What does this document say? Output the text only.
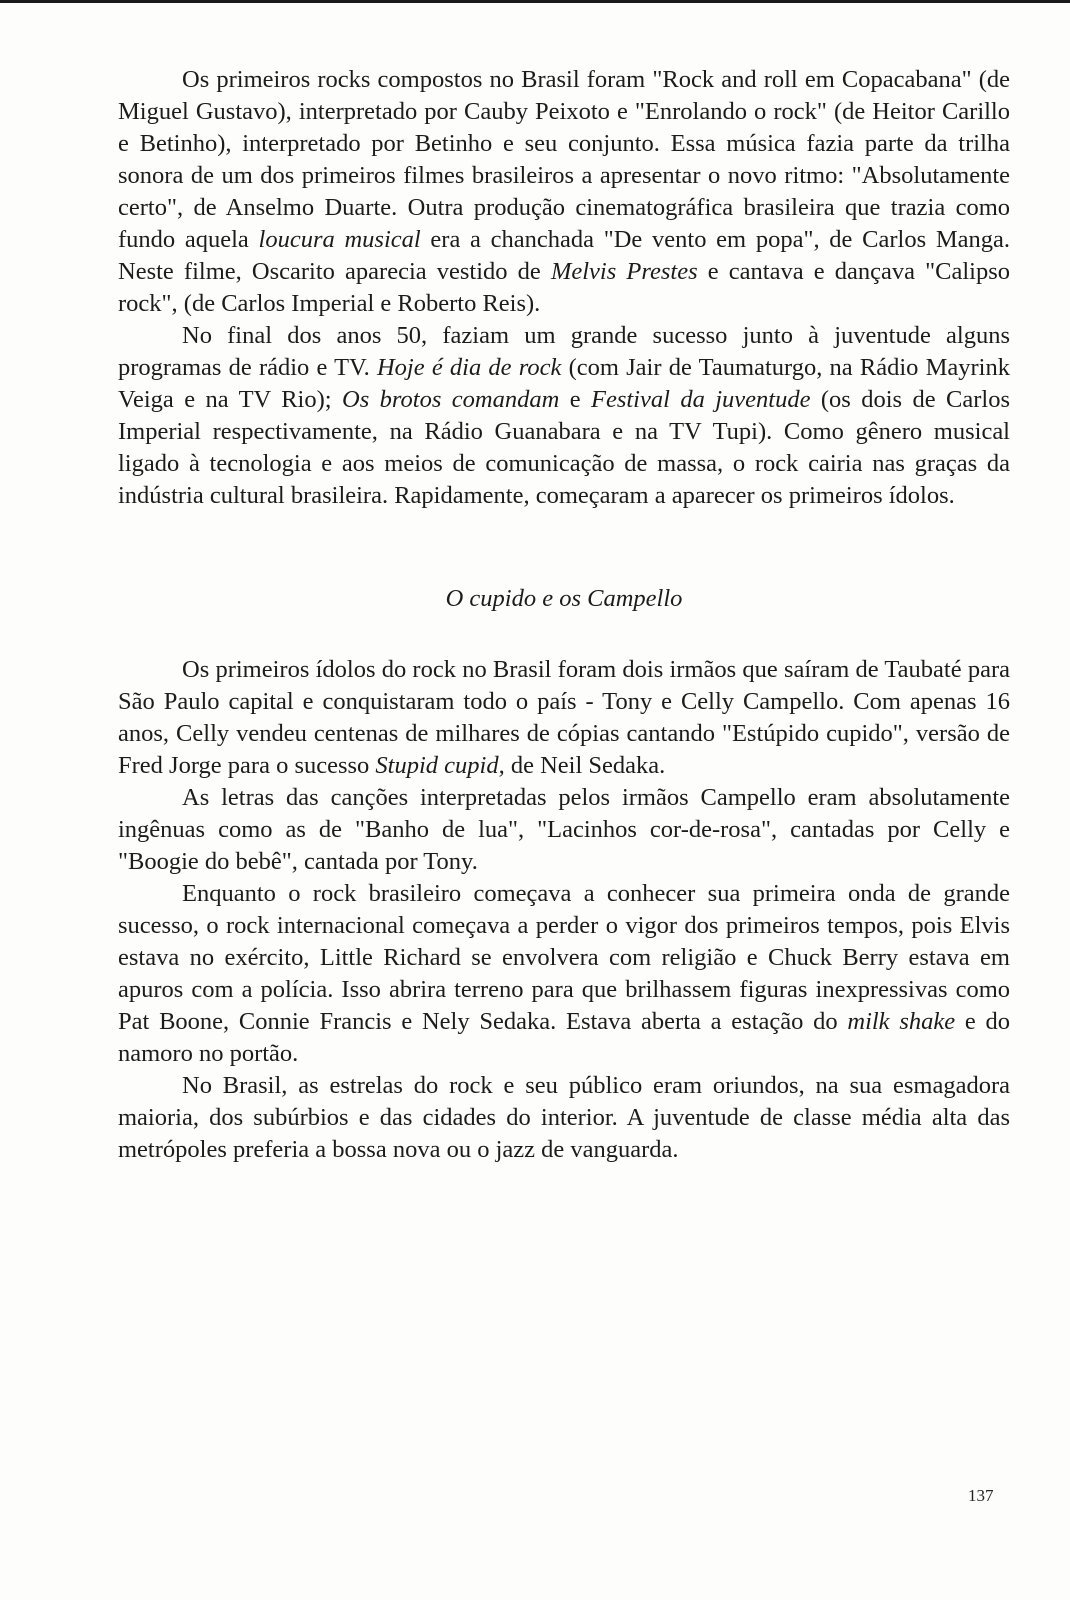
Os primeiros rocks compostos no Brasil foram "Rock and roll em Copacabana" (de Miguel Gustavo), interpretado por Cauby Peixoto e "Enrolando o rock" (de Heitor Carillo e Betinho), interpretado por Betinho e seu conjunto. Essa música fazia parte da trilha sonora de um dos primeiros filmes brasileiros a apresentar o novo ritmo: "Absolutamente certo", de Anselmo Duarte. Outra produção cinematográfica brasileira que trazia como fundo aquela loucura musical era a chanchada "De vento em popa", de Carlos Manga. Neste filme, Oscarito aparecia vestido de Melvis Prestes e cantava e dançava "Calipso rock", (de Carlos Imperial e Roberto Reis).

No final dos anos 50, faziam um grande sucesso junto à juventude alguns programas de rádio e TV. Hoje é dia de rock (com Jair de Taumaturgo, na Rádio Mayrink Veiga e na TV Rio); Os brotos comandam e Festival da juventude (os dois de Carlos Imperial respectivamente, na Rádio Guanabara e na TV Tupi). Como gênero musical ligado à tecnologia e aos meios de comunicação de massa, o rock cairia nas graças da indústria cultural brasileira. Rapidamente, começaram a aparecer os primeiros ídolos.

O cupido e os Campello

Os primeiros ídolos do rock no Brasil foram dois irmãos que saíram de Taubaté para São Paulo capital e conquistaram todo o país - Tony e Celly Campello. Com apenas 16 anos, Celly vendeu centenas de milhares de cópias cantando "Estúpido cupido", versão de Fred Jorge para o sucesso Stupid cupid, de Neil Sedaka.

As letras das canções interpretadas pelos irmãos Campello eram absolutamente ingênuas como as de "Banho de lua", "Lacinhos cor-de-rosa", cantadas por Celly e "Boogie do bebê", cantada por Tony.

Enquanto o rock brasileiro começava a conhecer sua primeira onda de grande sucesso, o rock internacional começava a perder o vigor dos primeiros tempos, pois Elvis estava no exército, Little Richard se envolvera com religião e Chuck Berry estava em apuros com a polícia. Isso abrira terreno para que brilhassem figuras inexpressivas como Pat Boone, Connie Francis e Nely Sedaka. Estava aberta a estação do milk shake e do namoro no portão.

No Brasil, as estrelas do rock e seu público eram oriundos, na sua esmagadora maioria, dos subúrbios e das cidades do interior. A juventude de classe média alta das metrópoles preferia a bossa nova ou o jazz de vanguarda.

137
